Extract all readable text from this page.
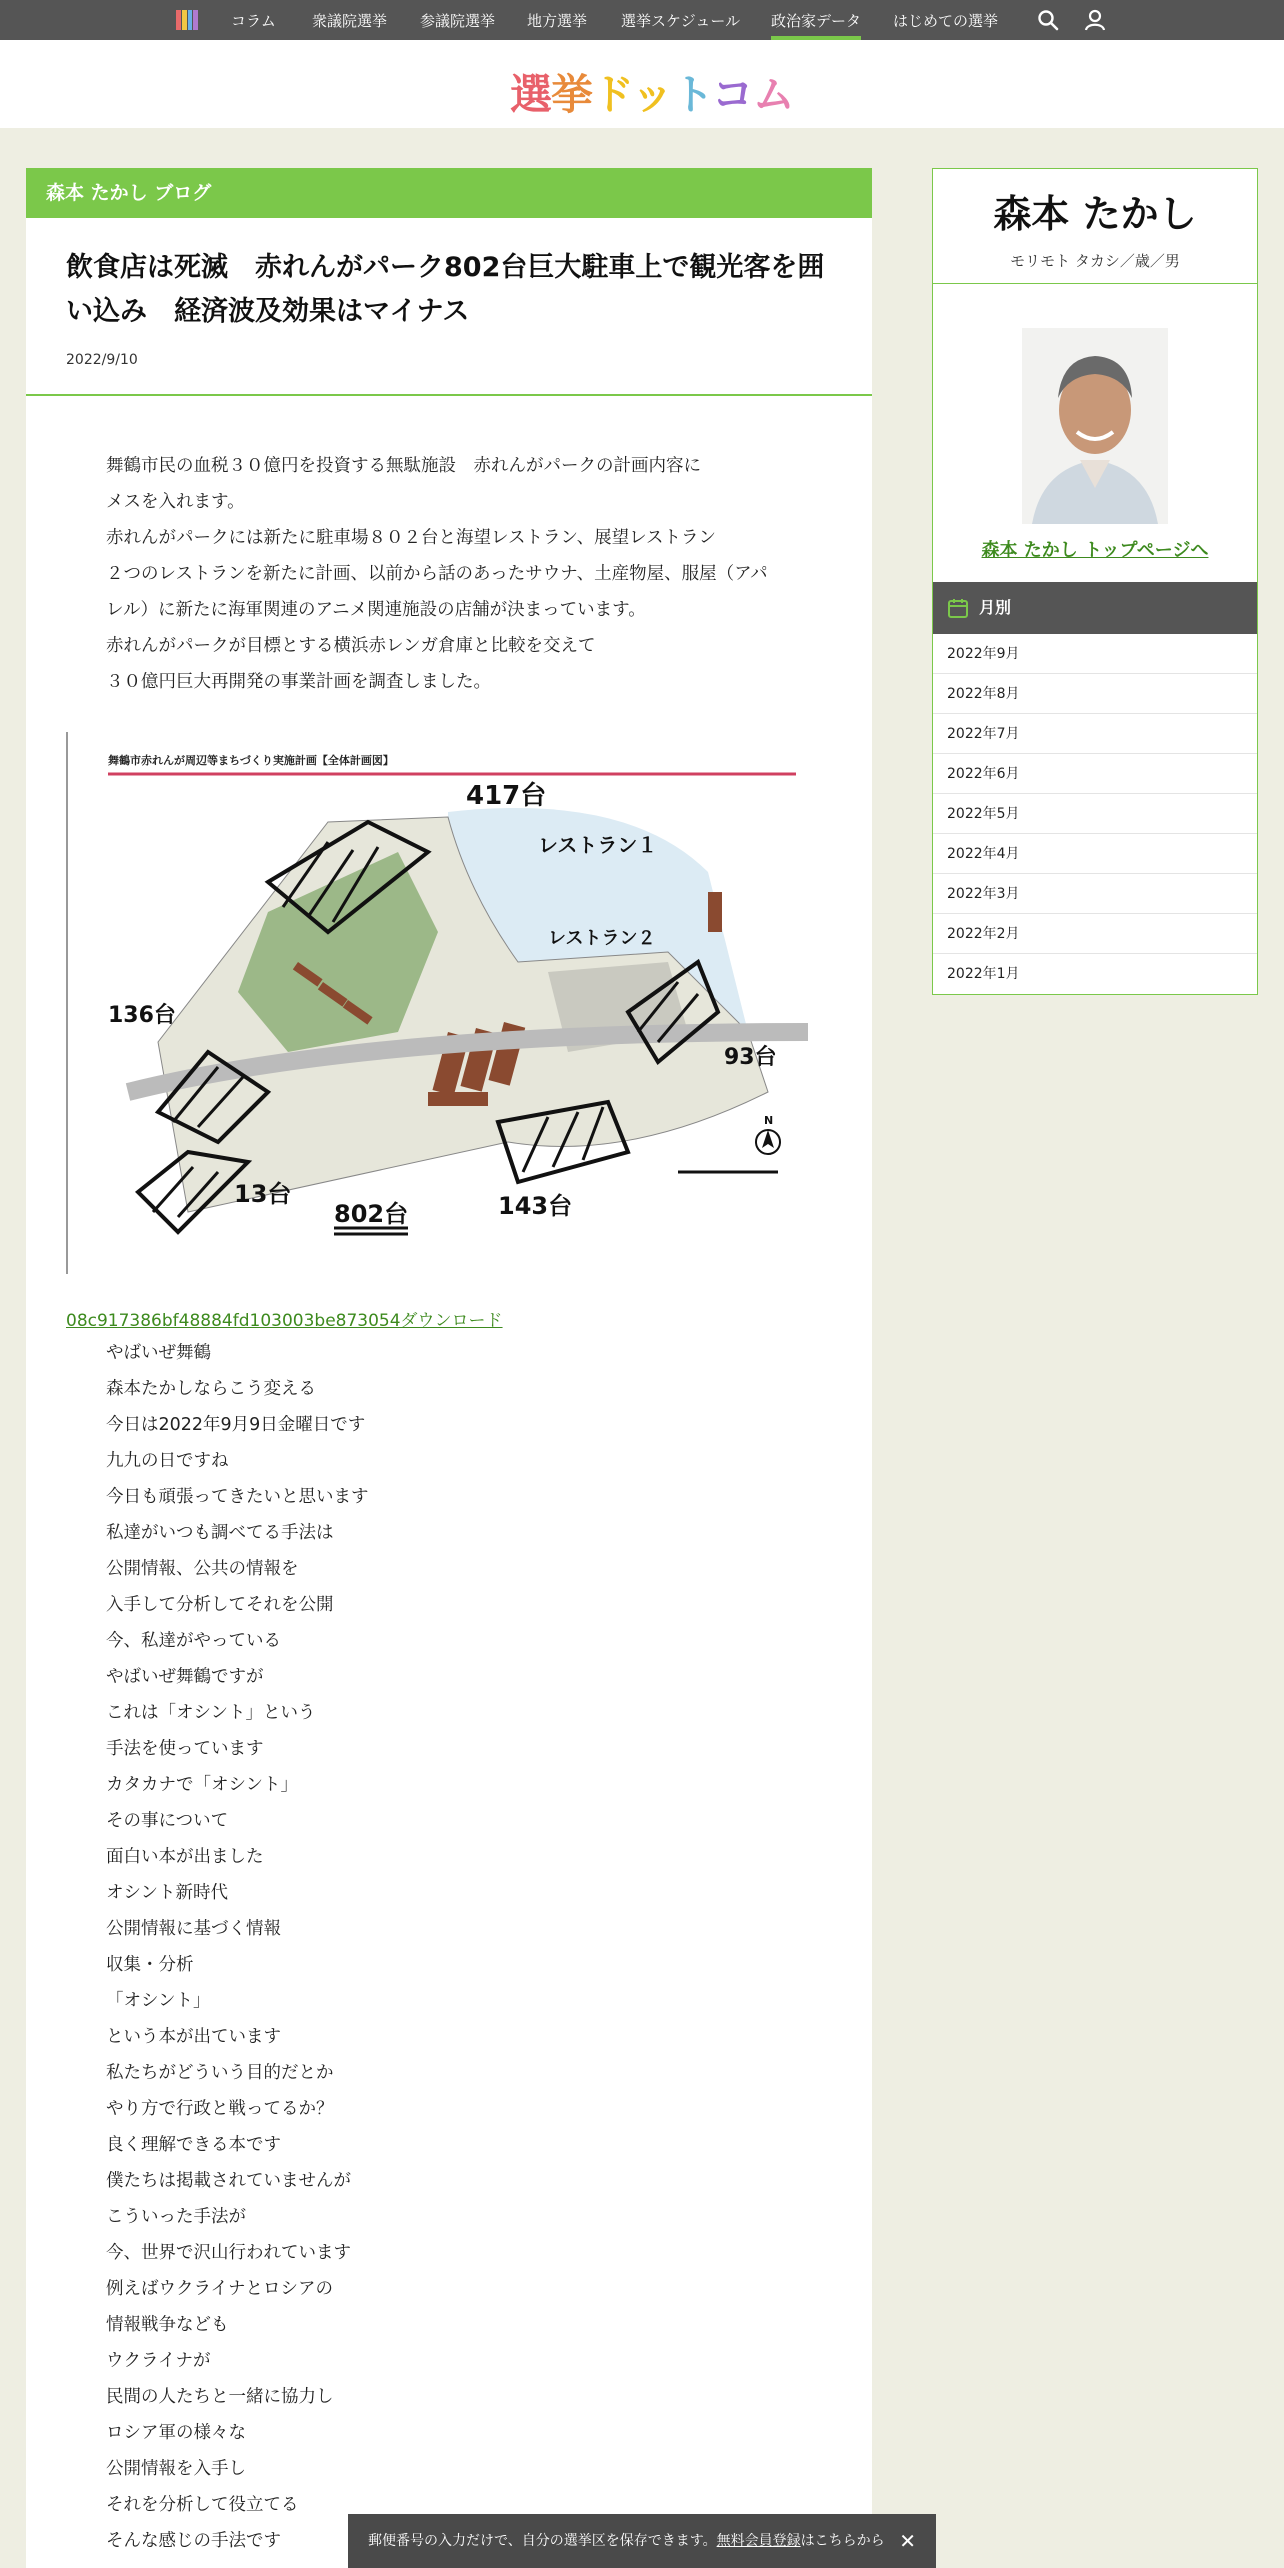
コラム 衆議院選挙 参議院選挙 地方選挙 選挙スケジュール 政治家データ はじめての選挙
選挙ドットコム
森本 たかし ブログ
飲食店は死滅　赤れんがパーク802台巨大駐車上で観光客を囲い込み　経済波及効果はマイナス
2022/9/10
舞鶴市民の血税３０億円を投資する無駄施設　赤れんがパークの計画内容に
メスを入れます。
赤れんがパークには新たに駐車場８０２台と海望レストラン、展望レストラン
２つのレストランを新たに計画、以前から話のあったサウナ、土産物屋、服屋（アパ
レル）に新たに海軍関連のアニメ関連施設の店舗が決まっています。
赤れんがパークが目標とする横浜赤レンガ倉庫と比較を交えて
３０億円巨大再開発の事業計画を調査しました。
舞鶴市赤れんが周辺等まちづくり実施計画【全体計画図】
417台
レストラン１
レストラン２
136台
93台
13台
802台	143台
N
08c917386bf48884fd103003be873054ダウンロード
やばいぜ舞鶴
森本たかしならこう変える
今日は2022年9月9日金曜日です
九九の日ですね
今日も頑張ってきたいと思います
私達がいつも調べてる手法は
公開情報、公共の情報を
入手して分析してそれを公開
今、私達がやっている
やばいぜ舞鶴ですが
これは「オシント」という
手法を使っています
カタカナで「オシント」
その事について
面白い本が出ました
オシント新時代
公開情報に基づく情報
収集・分析
「オシント」
という本が出ています
私たちがどういう目的だとか
やり方で行政と戦ってるか？
良く理解できる本です
僕たちは掲載されていませんが
こういった手法が
今、世界で沢山行われています
例えばウクライナとロシアの
情報戦争なども
ウクライナが
民間の人たちと一緒に協力し
ロシア軍の様々な
公開情報を入手し
それを分析して役立てる
そんな感じの手法です
森本 たかし
モリモト タカシ／歳／男
森本 たかし トップページへ
月別
2022年9月
2022年8月
2022年7月
2022年6月
2022年5月
2022年4月
2022年3月
2022年2月
2022年1月
郵便番号の入力だけで、自分の選挙区を保存できます。無料会員登録はこちらから ✕
